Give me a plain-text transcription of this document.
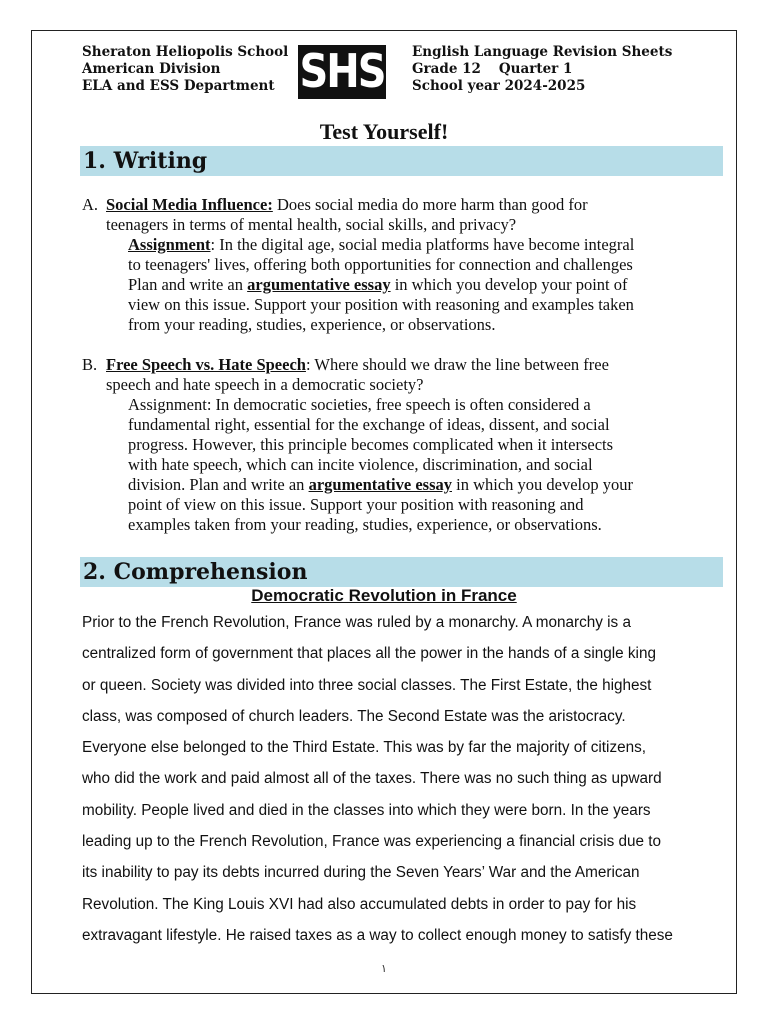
Sheraton Heliopolis School
American Division
ELA and ESS Department SHS English Language Revision Sheets
Grade 12 Quarter 1
School year 2024-2025
Test Yourself!
1. Writing
A. Social Media Influence: Does social media do more harm than good for
teenagers in terms of mental health, social skills, and privacy?
Assignment: In the digital age, social media platforms have become integral
to teenagers' lives, offering both opportunities for connection and challenges
Plan and write an argumentative essay in which you develop your point of
view on this issue. Support your position with reasoning and examples taken
from your reading, studies, experience, or observations.
B. Free Speech vs. Hate Speech: Where should we draw the line between free
speech and hate speech in a democratic society?
Assignment: In democratic societies, free speech is often considered a
fundamental right, essential for the exchange of ideas, dissent, and social
progress. However, this principle becomes complicated when it intersects
with hate speech, which can incite violence, discrimination, and social
division. Plan and write an argumentative essay in which you develop your
point of view on this issue. Support your position with reasoning and
examples taken from your reading, studies, experience, or observations.
2. Comprehension
Democratic Revolution in France
Prior to the French Revolution, France was ruled by a monarchy. A monarchy is a
centralized form of government that places all the power in the hands of a single king
or queen. Society was divided into three social classes. The First Estate, the highest
class, was composed of church leaders. The Second Estate was the aristocracy.
Everyone else belonged to the Third Estate. This was by far the majority of citizens,
who did the work and paid almost all of the taxes. There was no such thing as upward
mobility. People lived and died in the classes into which they were born. In the years
leading up to the French Revolution, France was experiencing a financial crisis due to
its inability to pay its debts incurred during the Seven Years’ War and the American
Revolution. The King Louis XVI had also accumulated debts in order to pay for his
extravagant lifestyle. He raised taxes as a way to collect enough money to satisfy these
١
